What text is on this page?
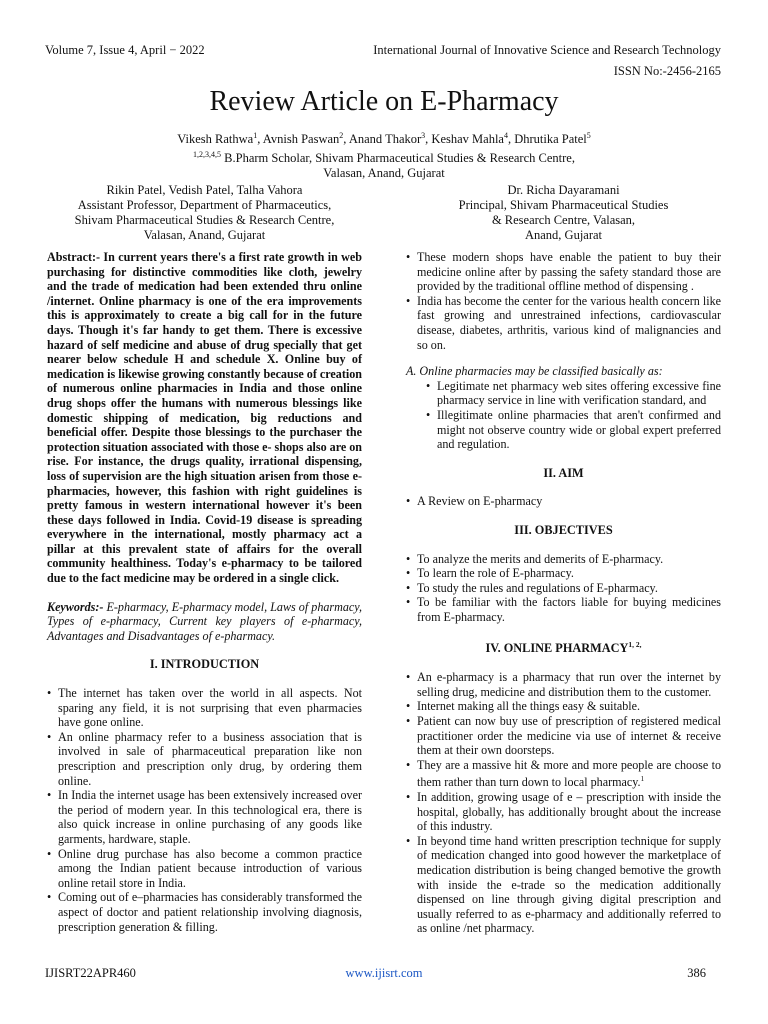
Volume 7, Issue 4, April − 2022	International Journal of Innovative Science and Research Technology
ISSN No:-2456-2165
Review Article on E-Pharmacy
Vikesh Rathwa$^1$, Avnish Paswan$^2$, Anand Thakor$^3$, Keshav Mahla$^4$, Dhrutika Patel$^5$
$^{1,2,3,4,5}$ B.Pharm Scholar, Shivam Pharmaceutical Studies & Research Centre,
Valasan, Anand, Gujarat
Rikin Patel, Vedish Patel, Talha Vahora
Assistant Professor, Department of Pharmaceutics,
Shivam Pharmaceutical Studies & Research Centre,
Valasan, Anand, Gujarat
Dr. Richa Dayaramani
Principal, Shivam Pharmaceutical Studies
& Research Centre, Valasan,
Anand, Gujarat

Abstract:- In current years there's a first rate growth in web purchasing for distinctive commodities like cloth, jewelry and the trade of medication had been extended thru online /internet. Online pharmacy is one of the era improvements this is approximately to create a big call for in the future days. Though it's far handy to get them. There is excessive hazard of self medicine and abuse of drug specially that get nearer below schedule H and schedule X. Online buy of medication is likewise growing constantly because of creation of numerous online pharmacies in India and those online drug shops offer the humans with numerous blessings like domestic shipping of medication, big reductions and beneficial offer. Despite those blessings to the purchaser the protection situation associated with those e- shops also are on rise. For instance, the drugs quality, irrational dispensing, loss of supervision are the high situation arisen from those e-pharmacies, however, this fashion with right guidelines is pretty famous in western international however it's been these days followed in India. Covid-19 disease is spreading everywhere in the international, mostly pharmacy act a pillar at this prevalent state of affairs for the overall community healthiness. Today's e-pharmacy to be tailored due to the fact medicine may be ordered in a single click.

Keywords:- E-pharmacy, E-pharmacy model, Laws of pharmacy, Types of e-pharmacy, Current key players of e-pharmacy, Advantages and Disadvantages of e-pharmacy.

I. INTRODUCTION
• The internet has taken over the world in all aspects. Not sparing any field, it is not surprising that even pharmacies have gone online.
• An online pharmacy refer to a business association that is involved in sale of pharmaceutical preparation like non prescription and prescription only drug, by ordering them online.
• In India the internet usage has been extensively increased over the period of modern year. In this technological era, there is also quick increase in online purchasing of any goods like garments, hardware, staple.
• Online drug purchase has also become a common practice among the Indian patient because introduction of various online retail store in India.
• Coming out of e–pharmacies has considerably transformed the aspect of doctor and patient relationship involving diagnosis, prescription generation & filling.
• These modern shops have enable the patient to buy their medicine online after by passing the safety standard those are provided by the traditional offline method of dispensing .
• India has become the center for the various health concern like fast growing and unrestrained infections, cardiovascular disease, diabetes, arthritis, various kind of malignancies and so on.

A. Online pharmacies may be classified basically as:

• Legitimate net pharmacy web sites offering excessive fine pharmacy service in line with verification standard, and
• Illegitimate online pharmacies that aren't confirmed and might not observe country wide or global expert preferred and regulation.
II. AIM
• A Review on E-pharmacy
III. OBJECTIVES
• To analyze the merits and demerits of E-pharmacy.
• To learn the role of E-pharmacy.
• To study the rules and regulations of E-pharmacy.
• To be familiar with the factors liable for buying medicines from E-pharmacy.
IV. ONLINE $PHARMACY^{1, 2,}$
• An e-pharmacy is a pharmacy that run over the internet by selling drug, medicine and distribution them to the customer.
• Internet making all the things easy & suitable.
• Patient can now buy use of prescription of registered medical practitioner order the medicine via use of internet & receive them at their own doorsteps.
• They are a massive hit & more and more people are choose to them rather than turn down to local pharmacy.$^1$
• In addition, growing usage of e – prescription with inside the hospital, globally, has additionally brought about the increase of this industry.
• In beyond time hand written prescription technique for supply of medication changed into good however the marketplace of medication distribution is being changed bemotive the growth with inside the e-trade so the medication additionally dispensed on line through giving digital prescription and usually referred to as e-pharmacy and additionally referred to as online /net pharmacy.
IJISRT22APR460	www.ijisrt.com	386
